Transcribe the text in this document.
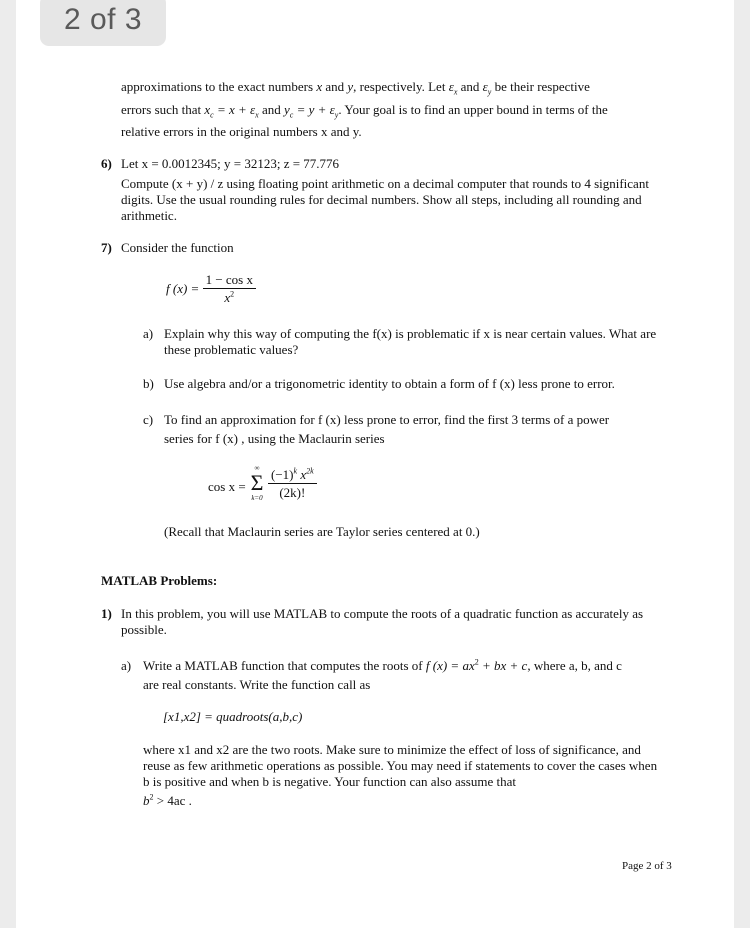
2 of 3
approximations to the exact numbers x and y, respectively. Let $\varepsilon_x$ and $\varepsilon_y$ be their respective
errors such that $x_c = x + \varepsilon_x$ and $y_c = y + \varepsilon_y$. Your goal is to find an upper bound in terms of the
relative errors in the original numbers x and y.
6) Let x = 0.0012345; y = 32123; z = 77.776
Compute (x + y) / z using floating point arithmetic on a decimal computer that rounds to 4 significant digits. Use the usual rounding rules for decimal numbers. Show all steps, including all rounding and arithmetic.
7) Consider the function
f $(x) = \frac{\text{1 − cos x}}{x^2}$
a) Explain why this way of computing the f(x) is problematic if x is near certain values. What are these problematic values?
b) Use algebra and/or a trigonometric identity to obtain a form of f (x) less prone to error.
c) To find an approximation for f (x) less prone to error, find the first 3 terms of a power
series for f (x) , using the Maclaurin series
cos x =
∞
Σ
$k=0 \frac{(-1)^k x^{2k}}{(2k)!}$
(Recall that Maclaurin series are Taylor series centered at 0.)
MATLAB Problems:
1) In this problem, you will use MATLAB to compute the roots of a quadratic function as accurately as possible.
a) Write a MATLAB function that computes the roots of f $(x) = ax^2$ + bx + c, where a, b, and c
are real constants. Write the function call as
[x1,x2] = quadroots(a,b,c)
where x1 and x2 are the two roots. Make sure to minimize the effect of loss of significance, and reuse as few arithmetic operations as possible. You may need if statements to cover the cases when b is positive and when b is negative. Your function can also assume that
$b^2 > 4ac$ .
Page 2 of 3
